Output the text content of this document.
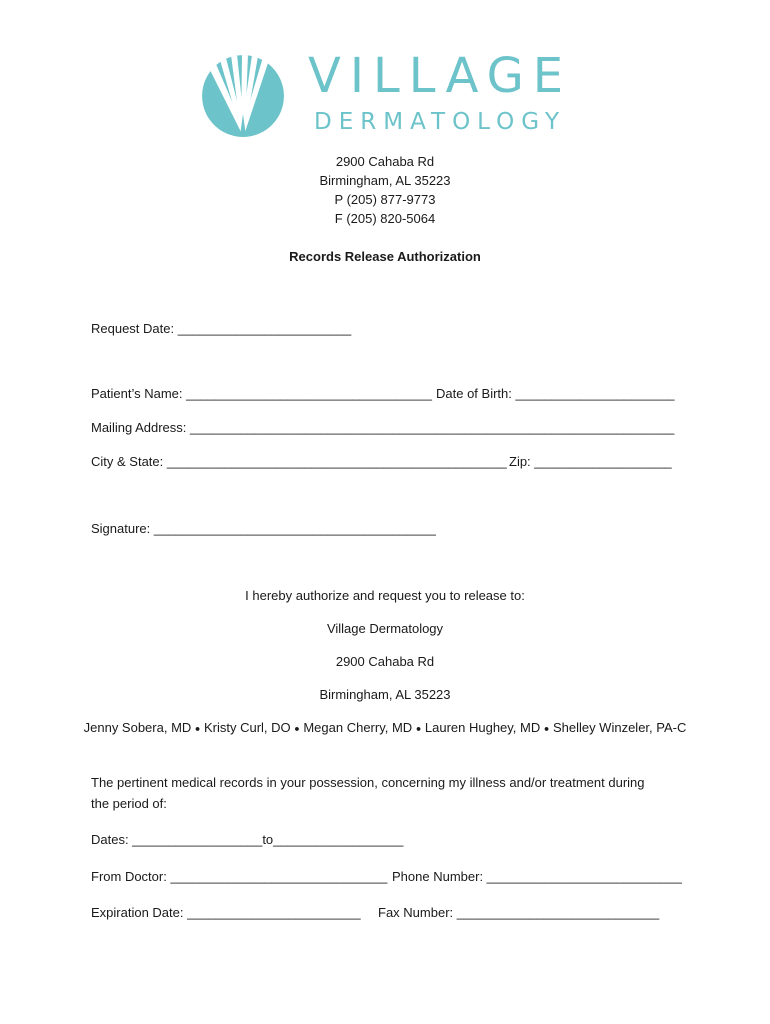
VILLAGE
DERMATOLOGY
2900 Cahaba Rd
Birmingham, AL 35223
P (205) 877-9773
F (205) 820-5064
Records Release Authorization
Request Date: ________________________
Patient’s Name: __________________________________ Date of Birth: ______________________
Mailing Address: ___________________________________________________________________
City & State: _______________________________________________ Zip: ___________________
Signature: _______________________________________
I hereby authorize and request you to release to:
Village Dermatology
2900 Cahaba Rd
Birmingham, AL 35223
Jenny Sobera, MD ● Kristy Curl, DO ● Megan Cherry, MD ● Lauren Hughey, MD ● Shelley Winzeler, PA-C
The pertinent medical records in your possession, concerning my illness and/or treatment during
the period of:
Dates: __________________to__________________
From Doctor: ______________________________ Phone Number: ___________________________
Expiration Date: ________________________ Fax Number: ____________________________
